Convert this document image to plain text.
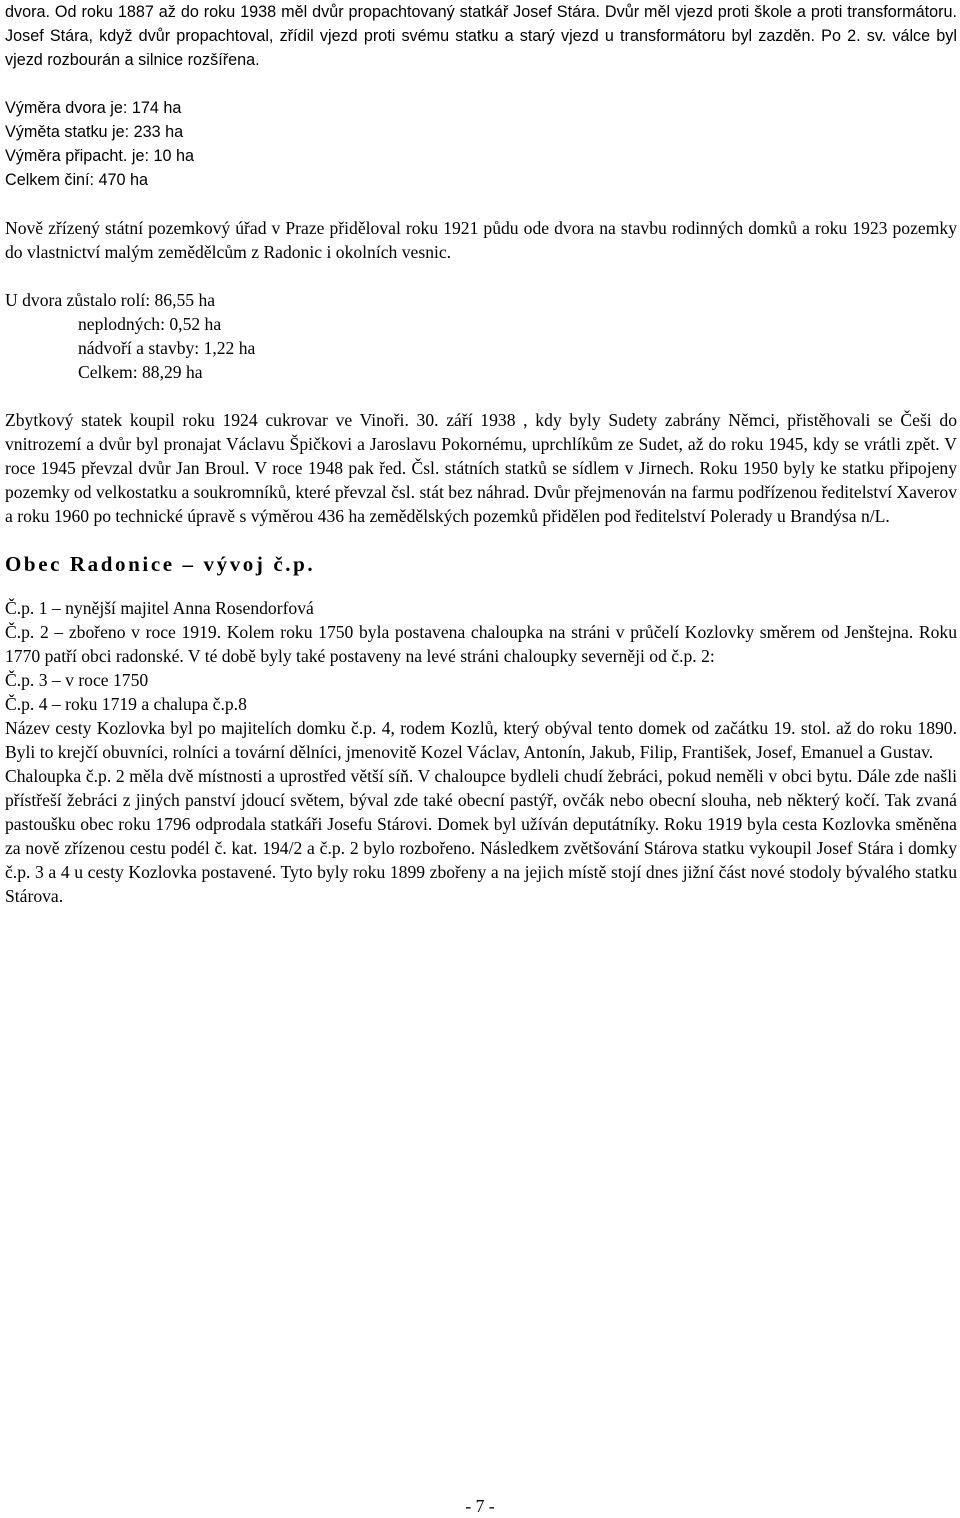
dvora. Od roku 1887 až do roku 1938 měl dvůr propachtovaný statkář Josef Stára. Dvůr měl vjezd proti škole a proti transformátoru. Josef Stára, když dvůr propachtoval, zřídil vjezd proti svému statku a starý vjezd u transformátoru byl zazděn. Po 2. sv. válce byl vjezd rozbourán a silnice rozšířena.

Výměra dvora je: 174 ha

Výměta statku je: 233 ha

Výměra připacht. je: 10 ha

Celkem činí: 470 ha

Nově zřízený státní pozemkový úřad v Praze přiděloval roku 1921 půdu ode dvora na stavbu rodinných domků a roku 1923 pozemky do vlastnictví malým zemědělcům z Radonic i okolních vesnic.

U dvora zůstalo rolí: 86,55 ha

neplodných: 0,52 ha

nádvoří a stavby: 1,22 ha

Celkem: 88,29 ha

Zbytkový statek koupil roku 1924 cukrovar ve Vinoři. 30. září 1938 , kdy byly Sudety zabrány Němci, přistěhovali se Češi do vnitrozemí a dvůr byl pronajat Václavu Špičkovi a Jaroslavu Pokornému, uprchlíkům ze Sudet, až do roku 1945, kdy se vrátli zpět. V roce 1945 převzal dvůr Jan Broul. V roce 1948 pak řed. Čsl. státních statků se sídlem v Jirnech. Roku 1950 byly ke statku připojeny pozemky od velkostatku a soukromníků, které převzal čsl. stát bez náhrad. Dvůr přejmenován na farmu podřízenou ředitelství Xaverov a roku 1960 po technické úpravě s výměrou 436 ha zemědělských pozemků přidělen pod ředitelství Polerady u Brandýsa n/L.

Obec Radonice – vývoj č.p.

Č.p. 1 – nynější majitel Anna Rosendorfová

Č.p. 2 – zbořeno v roce 1919. Kolem roku 1750 byla postavena chaloupka na stráni v průčelí Kozlovky směrem od Jenštejna. Roku 1770 patří obci radonské. V té době byly také postaveny na levé stráni chaloupky severněji od č.p. 2:

Č.p. 3 – v roce 1750

Č.p. 4 – roku 1719 a chalupa č.p.8

Název cesty Kozlovka byl po majitelích domku č.p. 4, rodem Kozlů, který obýval tento domek od začátku 19. stol. až do roku 1890. Byli to krejčí obuvníci, rolníci a tovární dělníci, jmenovitě Kozel Václav, Antonín, Jakub, Filip, František, Josef, Emanuel a Gustav.

Chaloupka č.p. 2 měla dvě místnosti a uprostřed větší síň. V chaloupce bydleli chudí žebráci, pokud neměli v obci bytu. Dále zde našli přístřeší žebráci z jiných panství jdoucí světem, býval zde také obecní pastýř, ovčák nebo obecní slouha, neb některý kočí. Tak zvaná pastoušku obec roku 1796 odprodala statkáři Josefu Stárovi. Domek byl užíván deputátníky. Roku 1919 byla cesta Kozlovka směněna za nově zřízenou cestu podél č. kat. 194/2 a č.p. 2 bylo rozbořeno. Následkem zvětšování Stárova statku vykoupil Josef Stára i domky č.p. 3 a 4 u cesty Kozlovka postavené. Tyto byly roku 1899 zbořeny a na jejich místě stojí dnes jižní část nové stodoly bývalého statku Stárova.

- 7 -
